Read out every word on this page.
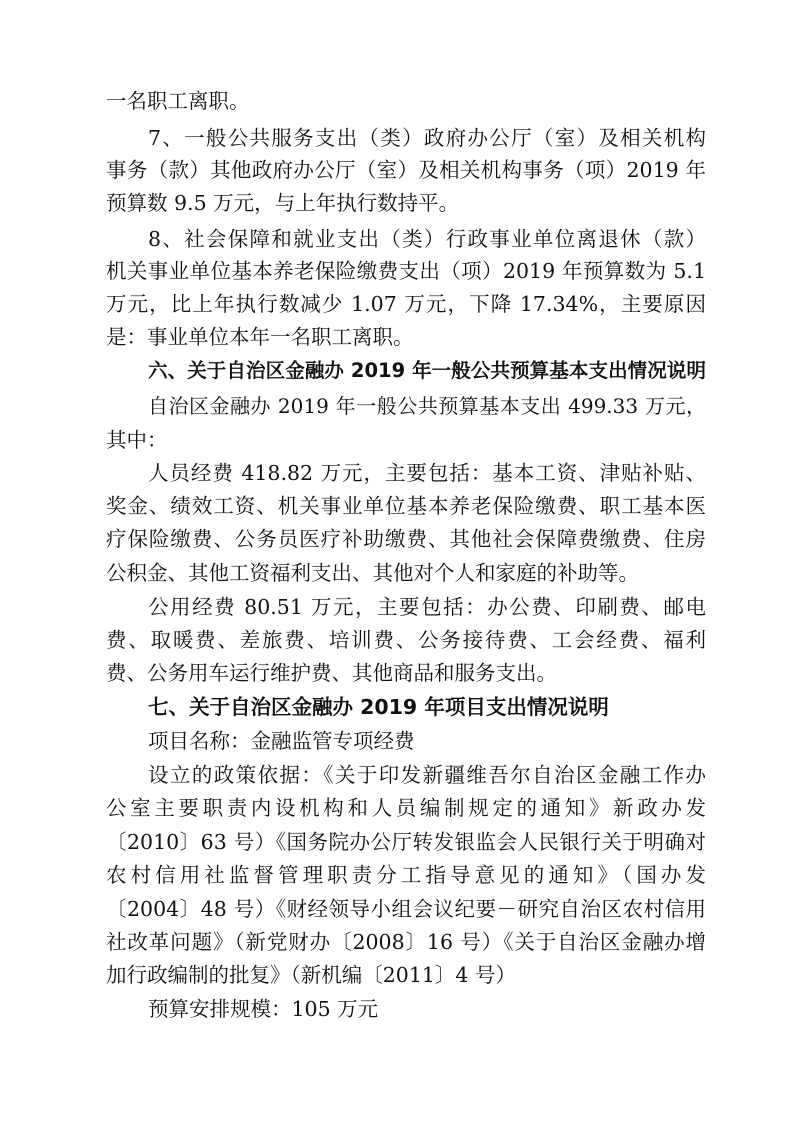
一名职工离职。
7、一般公共服务支出（类）政府办公厅（室）及相关机构
事务（款）其他政府办公厅（室）及相关机构事务（项）2019 年
预算数 9.5 万元，与上年执行数持平。
8、社会保障和就业支出（类）行政事业单位离退休（款）
机关事业单位基本养老保险缴费支出（项）2019 年预算数为 5.1
万元，比上年执行数减少 1.07 万元，下降 17.34%，主要原因
是：事业单位本年一名职工离职。
六、关于自治区金融办 2019 年一般公共预算基本支出情况说明
自治区金融办 2019 年一般公共预算基本支出 499.33 万元，
其中：
人员经费 418.82 万元，主要包括：基本工资、津贴补贴、
奖金、绩效工资、机关事业单位基本养老保险缴费、职工基本医
疗保险缴费、公务员医疗补助缴费、其他社会保障费缴费、住房
公积金、其他工资福利支出、其他对个人和家庭的补助等。
公用经费 80.51 万元，主要包括：办公费、印刷费、邮电
费、取暖费、差旅费、培训费、公务接待费、工会经费、福利
费、公务用车运行维护费、其他商品和服务支出。
七、关于自治区金融办 2019 年项目支出情况说明
项目名称：金融监管专项经费
设立的政策依据：《关于印发新疆维吾尔自治区金融工作办
公室主要职责内设机构和人员编制规定的通知》新政办发
〔2010〕63 号）《国务院办公厅转发银监会人民银行关于明确对
农村信用社监督管理职责分工指导意见的通知》（国办发
〔2004〕48 号）《财经领导小组会议纪要－研究自治区农村信用
社改革问题》（新党财办〔2008〕16 号）《关于自治区金融办增
加行政编制的批复》（新机编〔2011〕4 号）
预算安排规模：105 万元
